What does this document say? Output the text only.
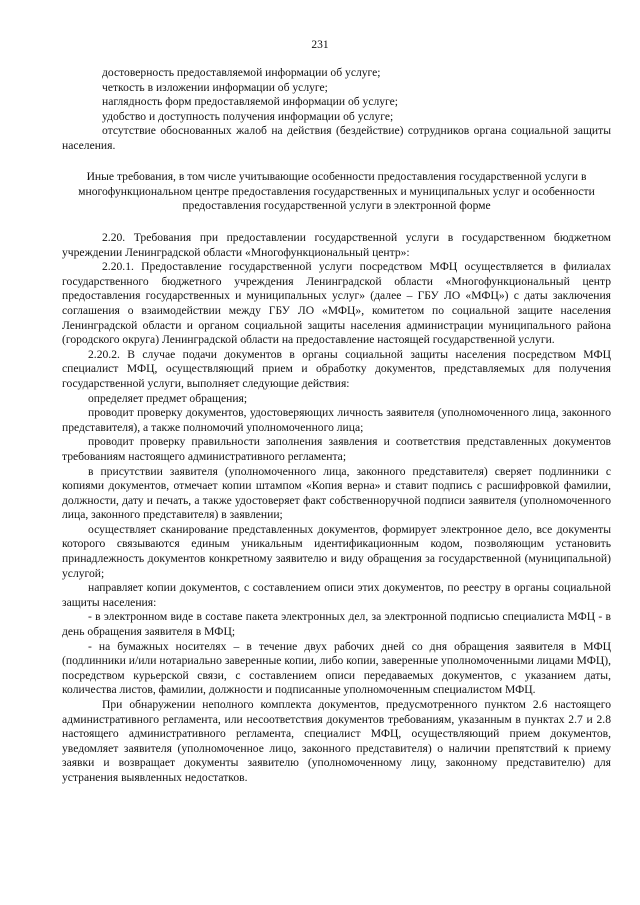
231

достоверность предоставляемой информации об услуге;

четкость в изложении информации об услуге;

наглядность форм предоставляемой информации об услуге;

удобство и доступность получения информации об услуге;

отсутствие обоснованных жалоб на действия (бездействие) сотрудников органа социальной защиты населения.

Иные требования, в том числе учитывающие особенности предоставления государственной услуги в многофункциональном центре предоставления государственных и муниципальных услуг и особенности предоставления государственной услуги в электронной форме

2.20. Требования при предоставлении государственной услуги в государственном бюджетном учреждении Ленинградской области «Многофункциональный центр»:

2.20.1. Предоставление государственной услуги посредством МФЦ осуществляется в филиалах государственного бюджетного учреждения Ленинградской области «Многофункциональный центр предоставления государственных и муниципальных услуг» (далее – ГБУ ЛО «МФЦ») с даты заключения соглашения о взаимодействии между ГБУ ЛО «МФЦ», комитетом по социальной защите населения Ленинградской области и органом социальной защиты населения администрации муниципального района (городского округа) Ленинградской области на предоставление настоящей государственной услуги.

2.20.2. В случае подачи документов в органы социальной защиты населения посредством МФЦ специалист МФЦ, осуществляющий прием и обработку документов, представляемых для получения государственной услуги, выполняет следующие действия:

определяет предмет обращения;

проводит проверку документов, удостоверяющих личность заявителя (уполномоченного лица, законного представителя), а также полномочий уполномоченного лица;

проводит проверку правильности заполнения заявления и соответствия представленных документов требованиям настоящего административного регламента;

в присутствии заявителя (уполномоченного лица, законного представителя) сверяет подлинники с копиями документов, отмечает копии штампом «Копия верна» и ставит подпись с расшифровкой фамилии, должности, дату и печать, а также удостоверяет факт собственноручной подписи заявителя (уполномоченного лица, законного представителя) в заявлении;

осуществляет сканирование представленных документов, формирует электронное дело, все документы которого связываются единым уникальным идентификационным кодом, позволяющим установить принадлежность документов конкретному заявителю и виду обращения за государственной (муниципальной) услугой;

направляет копии документов, с составлением описи этих документов, по реестру в органы социальной защиты населения:

- в электронном виде в составе пакета электронных дел, за электронной подписью специалиста МФЦ - в день обращения заявителя в МФЦ;

- на бумажных носителях – в течение двух рабочих дней со дня обращения заявителя в МФЦ (подлинники и/или нотариально заверенные копии, либо копии, заверенные уполномоченными лицами МФЦ), посредством курьерской связи, с составлением описи передаваемых документов, с указанием даты, количества листов, фамилии, должности и подписанные уполномоченным специалистом МФЦ.

При обнаружении неполного комплекта документов, предусмотренного пунктом 2.6 настоящего административного регламента, или несоответствия документов требованиям, указанным в пунктах 2.7 и 2.8 настоящего административного регламента, специалист МФЦ, осуществляющий прием документов, уведомляет заявителя (уполномоченное лицо, законного представителя) о наличии препятствий к приему заявки и возвращает документы заявителю (уполномоченному лицу, законному представителю) для устранения выявленных недостатков.
